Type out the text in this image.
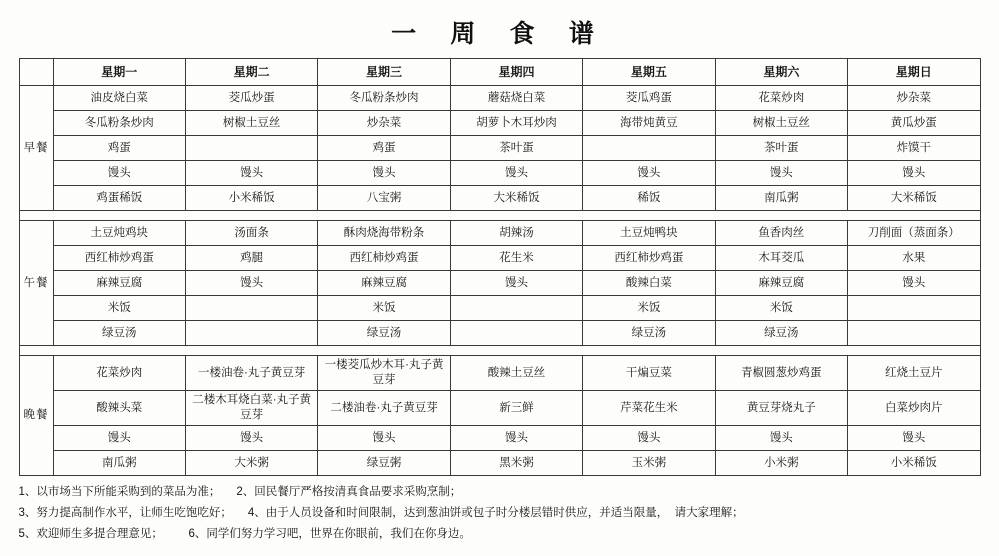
一 周 食 谱
	星期一	星期二	星期三	星期四	星期五	星期六	星期日
早餐	油皮烧白菜	茭瓜炒蛋	冬瓜粉条炒肉	蘑菇烧白菜	茭瓜鸡蛋	花菜炒肉	炒杂菜
	冬瓜粉条炒肉	树椒土豆丝	炒杂菜	胡萝卜木耳炒肉	海带炖黄豆	树椒土豆丝	黄瓜炒蛋
	鸡蛋		鸡蛋	茶叶蛋		茶叶蛋	炸馍干
	馒头	馒头	馒头	馒头	馒头	馒头	馒头
	鸡蛋稀饭	小米稀饭	八宝粥	大米稀饭	稀饭	南瓜粥	大米稀饭

午餐	土豆炖鸡块	汤面条	酥肉烧海带粉条	胡辣汤	土豆炖鸭块	鱼香肉丝	刀削面（蒸面条）
	西红柿炒鸡蛋	鸡腿	西红柿炒鸡蛋	花生米	西红柿炒鸡蛋	木耳茭瓜	水果
	麻辣豆腐	馒头	麻辣豆腐	馒头	酸辣白菜	麻辣豆腐	馒头
	米饭		米饭		米饭	米饭	
	绿豆汤		绿豆汤		绿豆汤	绿豆汤	

晚餐	花菜炒肉	一楼油卷·丸子黄豆芽	一楼茭瓜炒木耳·丸子黄豆芽	酸辣土豆丝	干煸豆菜	青椒圆葱炒鸡蛋	红烧土豆片
	酸辣头菜	二楼木耳烧白菜·丸子黄豆芽	二楼油卷·丸子黄豆芽	新三鲜	芹菜花生米	黄豆芽烧丸子	白菜炒肉片
	馒头	馒头	馒头	馒头	馒头	馒头	馒头
	南瓜粥	大米粥	绿豆粥	黑米粥	玉米粥	小米粥	小米稀饭
1、以市场当下所能采购到的菜品为准；     2、回民餐厅严格按清真食品要求采购烹制；
3、努力提高制作水平，让师生吃饱吃好；     4、由于人员设备和时间限制，达到葱油饼或包子时分楼层错时供应，并适当限量，  请大家理解；
5、欢迎师生多提合理意见；        6、同学们努力学习吧，世界在你眼前，我们在你身边。
